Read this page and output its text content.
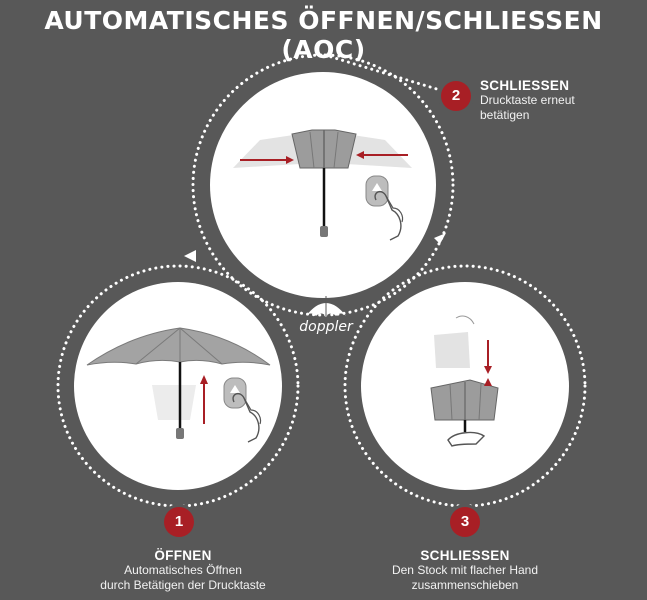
AUTOMATISCHES ÖFFNEN/SCHLIESSEN (AOC)
doppler
2
1	3
SCHLIESSEN
Drucktaste erneut
betätigen
ÖFFNEN
Automatisches Öffnen
durch Betätigen der Drucktaste
SCHLIESSEN
Den Stock mit flacher Hand
zusammenschieben
